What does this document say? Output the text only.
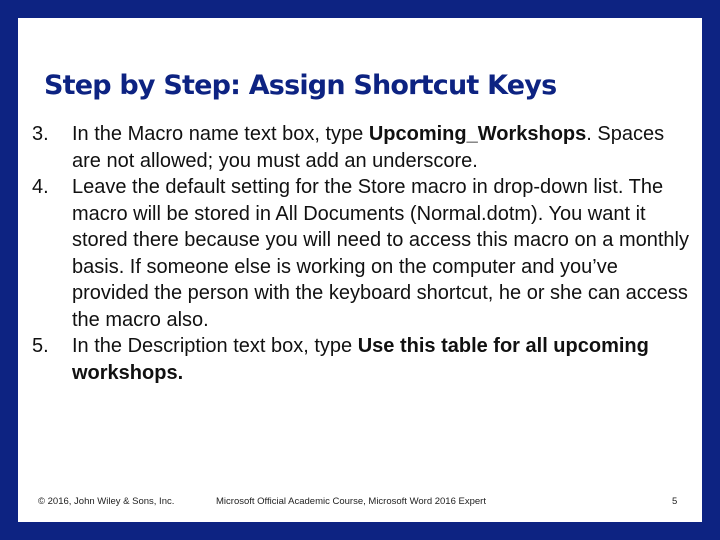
Step by Step: Assign Shortcut Keys
3. In the Macro name text box, type Upcoming_Workshops. Spaces are not allowed; you must add an underscore.
4. Leave the default setting for the Store macro in drop-down list. The macro will be stored in All Documents (Normal.dotm). You want it stored there because you will need to access this macro on a monthly basis. If someone else is working on the computer and you’ve provided the person with the keyboard shortcut, he or she can access the macro also.
5. In the Description text box, type Use this table for all upcoming workshops.
© 2016, John Wiley & Sons, Inc.	Microsoft Official Academic Course, Microsoft Word 2016 Expert	5
